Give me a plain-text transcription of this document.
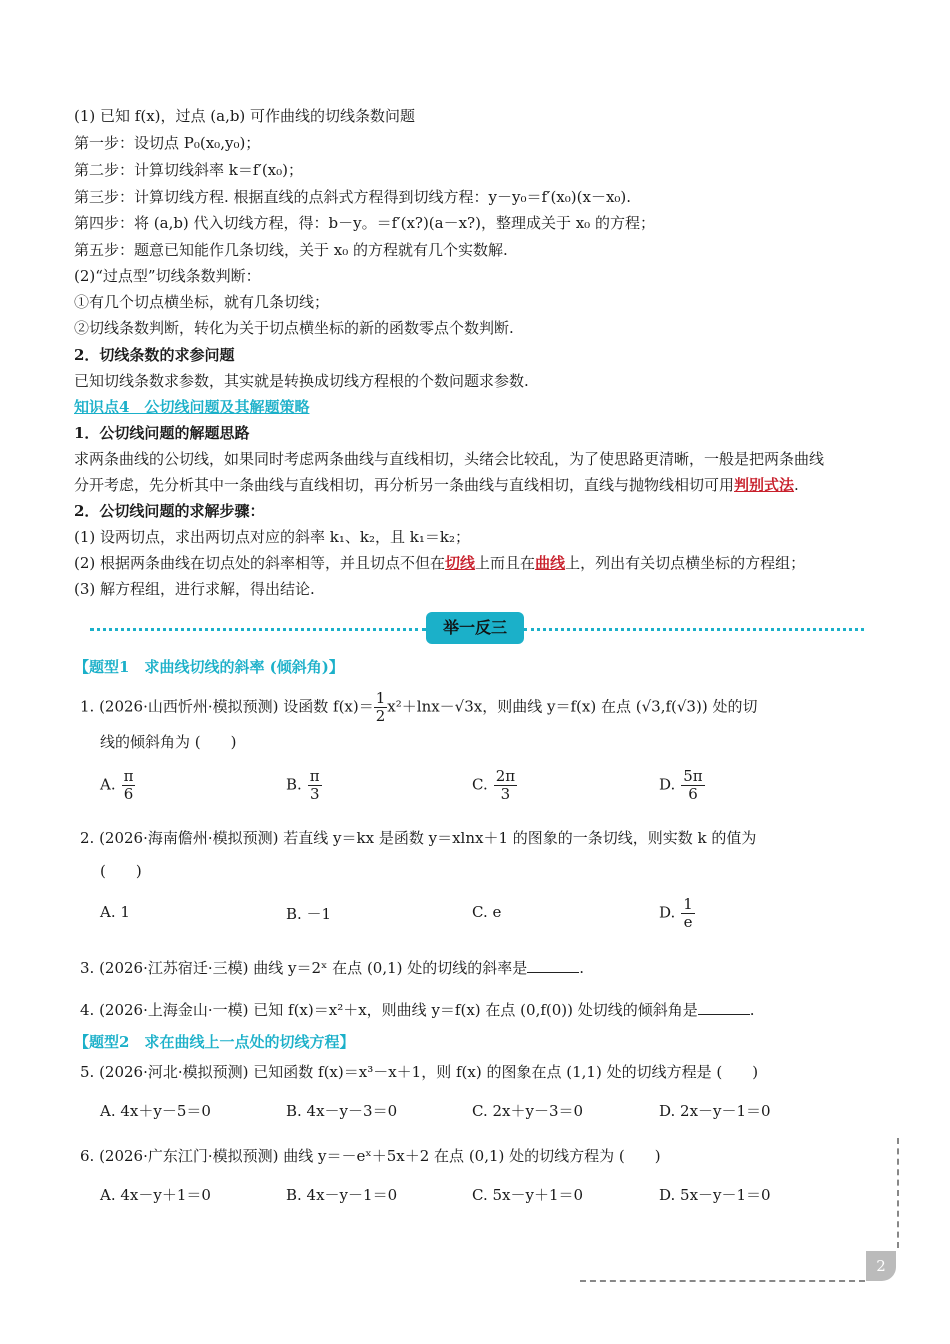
(1) 已知 f(x)，过点 (a,b) 可作曲线的切线条数问题
第一步：设切点 P₀(x₀,y₀)；
第二步：计算切线斜率 k＝f′(x₀)；
第三步：计算切线方程. 根据直线的点斜式方程得到切线方程：y－y₀＝f′(x₀)(x－x₀).
第四步：将 (a,b) 代入切线方程，得：b－y。＝f′(x?)(a－x?)，整理成关于 x₀ 的方程；
第五步：题意已知能作几条切线，关于 x₀ 的方程就有几个实数解.
(2)“过点型”切线条数判断：
①有几个切点横坐标，就有几条切线；
②切线条数判断，转化为关于切点横坐标的新的函数零点个数判断.
2．切线条数的求参问题
已知切线条数求参数，其实就是转换成切线方程根的个数问题求参数.
知识点4　公切线问题及其解题策略
1．公切线问题的解题思路
求两条曲线的公切线，如果同时考虑两条曲线与直线相切，头绪会比较乱，为了使思路更清晰，一般是把两条曲线
分开考虑，先分析其中一条曲线与直线相切，再分析另一条曲线与直线相切，直线与抛物线相切可用判别式法.
2．公切线问题的求解步骤：
(1) 设两切点，求出两切点对应的斜率 k₁、k₂，且 k₁＝k₂；
(2) 根据两条曲线在切点处的斜率相等，并且切点不但在切线上而且在曲线上，列出有关切点横坐标的方程组；
(3) 解方程组，进行求解，得出结论.
举一反三
【题型1　求曲线切线的斜率 (倾斜角)】
1. (2026·山西忻州·模拟预测) 设函数 $f(x)= \frac{1}{2} x^2+\ln x-√3x$，则曲线 y＝f(x) 在点 (√3,f(√3)) 处的切
线的倾斜角为 (　　)
A. $\frac{\pi}{6}$	B. $\frac{\pi}{3}$	C. $\frac{2\pi}{3}$	D. $\frac{5\pi}{6}$
2. (2026·海南儋州·模拟预测) 若直线 y＝kx 是函数 y＝xlnx＋1 的图象的一条切线，则实数 k 的值为
(　　)
A. 1	B. －1	C. e	D. $\frac{1}{e}$
3. (2026·江苏宿迁·三模) 曲线 y＝2ˣ 在点 (0,1) 处的切线的斜率是	.
4. (2026·上海金山·一模) 已知 f(x)＝x²＋x，则曲线 y＝f(x) 在点 (0,f(0)) 处切线的倾斜角是	.
【题型2　求在曲线上一点处的切线方程】
5. (2026·河北·模拟预测) 已知函数 f(x)＝x³－x＋1，则 f(x) 的图象在点 (1,1) 处的切线方程是 (　　)
A. 4x＋y－5＝0	B. 4x－y－3＝0	C. 2x＋y－3＝0	D. 2x－y－1＝0
6. (2026·广东江门·模拟预测) 曲线 y＝－eˣ＋5x＋2 在点 (0,1) 处的切线方程为 (　　)
A. 4x－y＋1＝0	B. 4x－y－1＝0	C. 5x－y＋1＝0	D. 5x－y－1＝0
2
